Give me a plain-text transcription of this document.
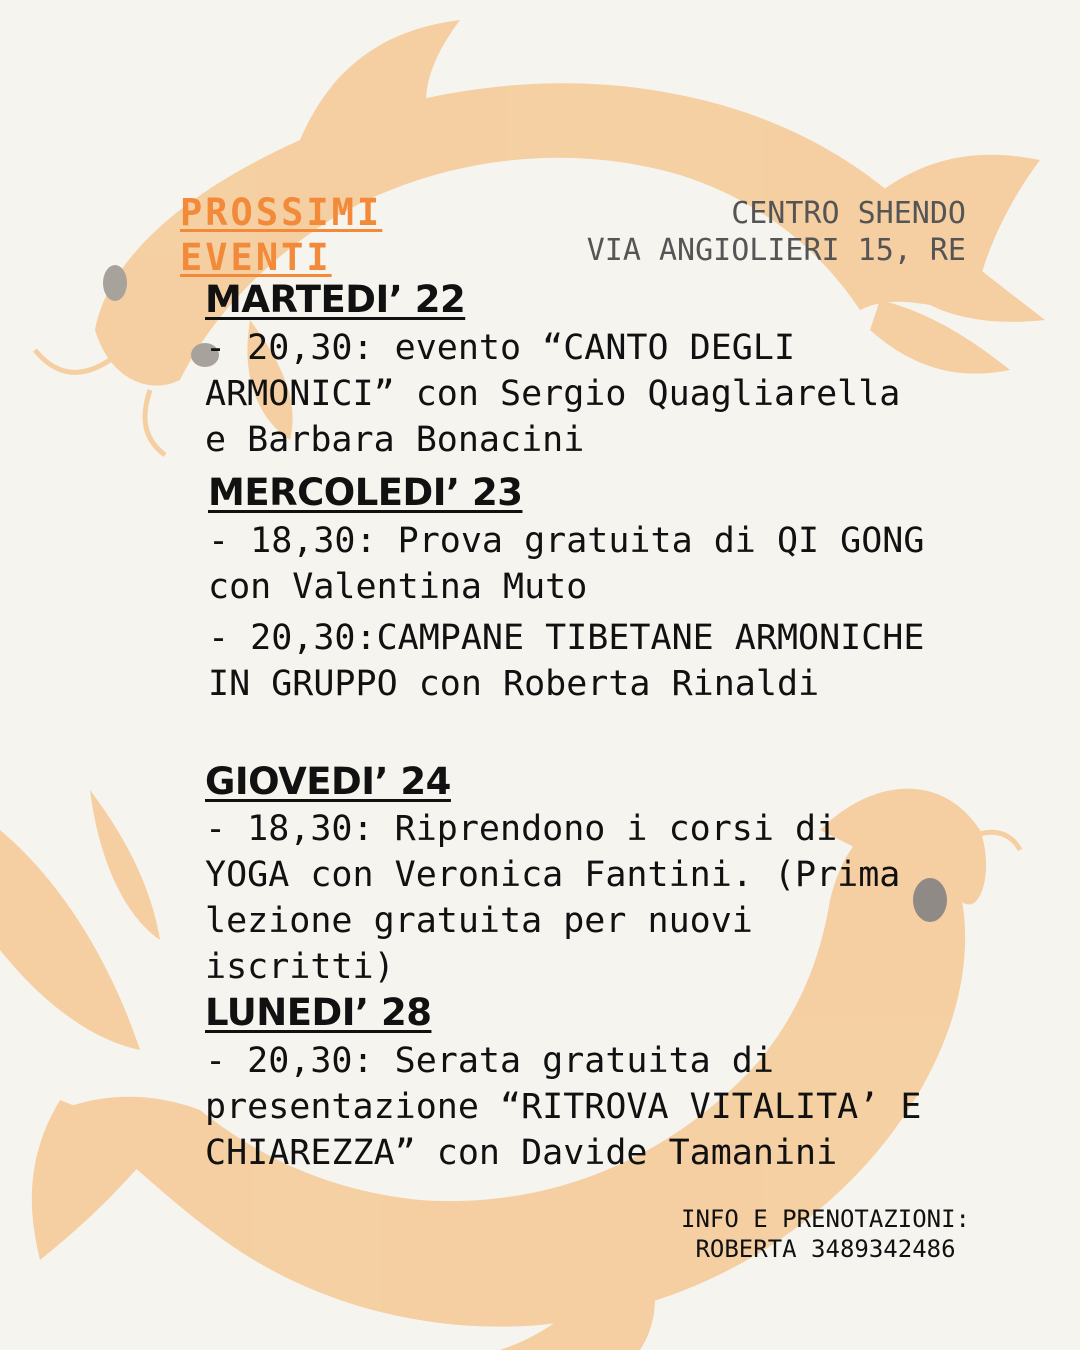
PROSSIMI
EVENTI
CENTRO SHENDO
VIA ANGIOLIERI 15, RE
MARTEDI’ 22
- 20,30: evento “CANTO DEGLI ARMONICI” con Sergio Quagliarella e Barbara Bonacini
MERCOLEDI’ 23
- 18,30: Prova gratuita di QI GONG con Valentina Muto
- 20,30:CAMPANE TIBETANE ARMONICHE IN GRUPPO con Roberta Rinaldi
GIOVEDI’ 24
- 18,30: Riprendono i corsi di YOGA con Veronica Fantini. (Prima lezione gratuita per nuovi iscritti)
LUNEDI’ 28
- 20,30: Serata gratuita di presentazione “RITROVA VITALITA’ E CHIAREZZA” con Davide Tamanini
INFO E PRENOTAZIONI:
ROBERTA 3489342486
